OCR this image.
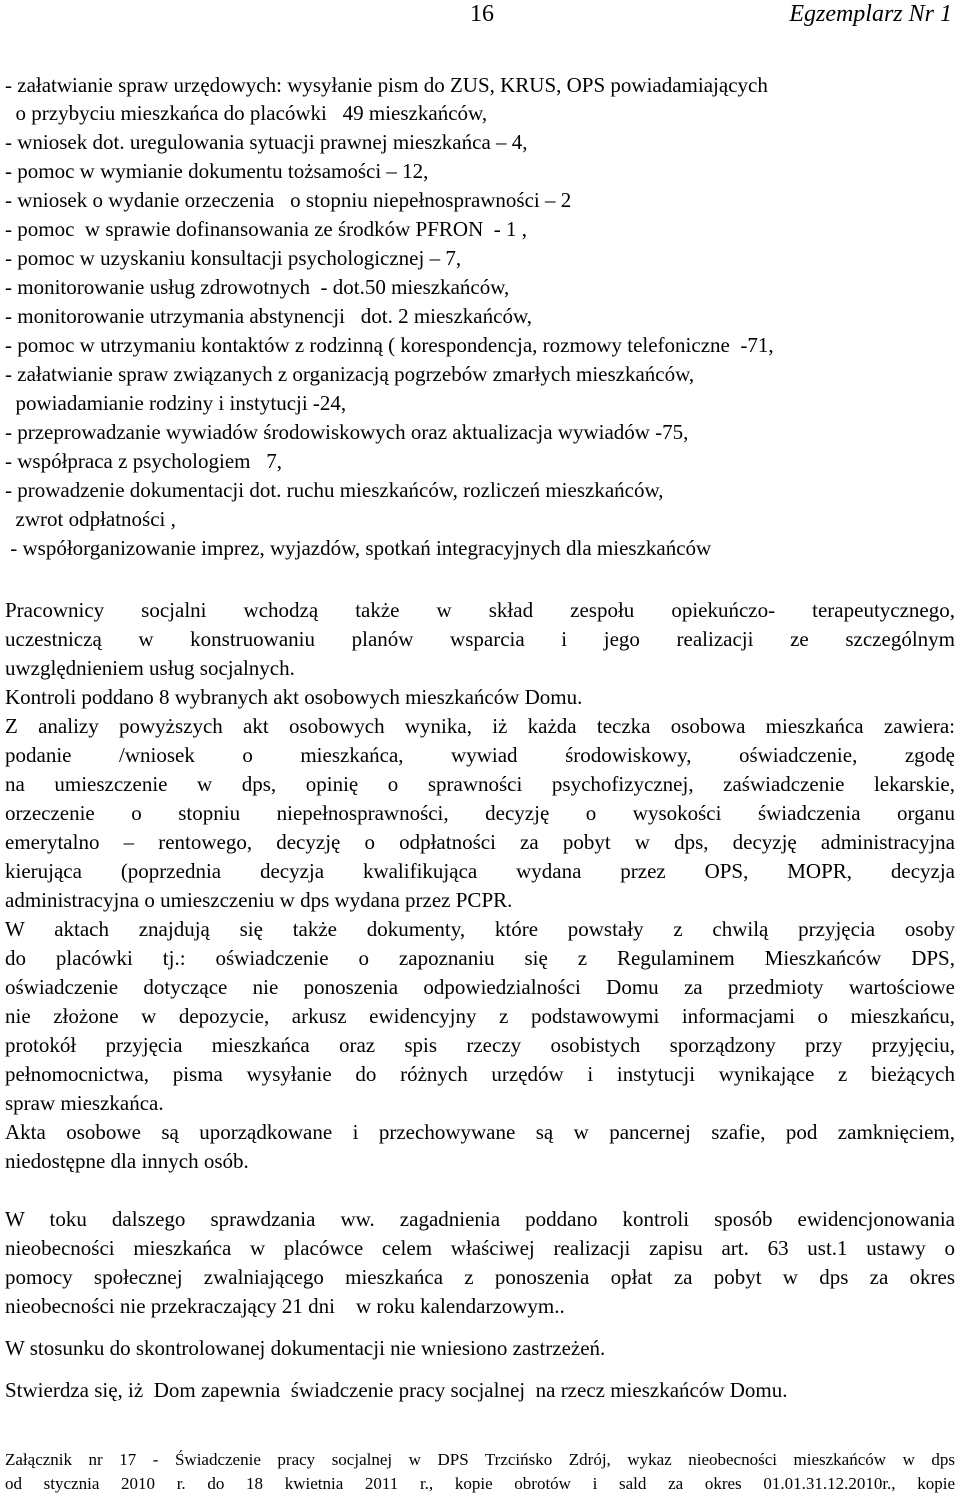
16	Egzemplarz Nr 1
- załatwianie spraw urzędowych: wysyłanie pism do ZUS, KRUS, OPS powiadamiających
o przybyciu mieszkańca do placówki   49 mieszkańców,
- wniosek dot. uregulowania sytuacji prawnej mieszkańca – 4,
- pomoc w wymianie dokumentu tożsamości – 12,
- wniosek o wydanie orzeczenia   o stopniu niepełnosprawności – 2
- pomoc  w sprawie dofinansowania ze środków PFRON  - 1 ,
- pomoc w uzyskaniu konsultacji psychologicznej – 7,
- monitorowanie usług zdrowotnych  - dot.50 mieszkańców,
- monitorowanie utrzymania abstynencji   dot. 2 mieszkańców,
- pomoc w utrzymaniu kontaktów z rodzinną ( korespondencja, rozmowy telefoniczne  -71,
- załatwianie spraw związanych z organizacją pogrzebów zmarłych mieszkańców,
powiadamianie rodziny i instytucji -24,
- przeprowadzanie wywiadów środowiskowych oraz aktualizacja wywiadów -75,
- współpraca z psychologiem   7,
- prowadzenie dokumentacji dot. ruchu mieszkańców, rozliczeń mieszkańców,
zwrot odpłatności ,
- współorganizowanie imprez, wyjazdów, spotkań integracyjnych dla mieszkańców
Pracownicy socjalni wchodzą także w skład zespołu opiekuńczo- terapeutycznego,
uczestniczą w konstruowaniu planów wsparcia i jego realizacji ze szczególnym
uwzględnieniem usług socjalnych.
Kontroli poddano 8 wybranych akt osobowych mieszkańców Domu.
Z analizy powyższych akt osobowych wynika, iż każda teczka osobowa mieszkańca zawiera:
podanie /wniosek o mieszkańca, wywiad środowiskowy, oświadczenie, zgodę
na umieszczenie w dps, opinię o sprawności psychofizycznej, zaświadczenie lekarskie,
orzeczenie o stopniu niepełnosprawności, decyzję o wysokości świadczenia organu
emerytalno – rentowego, decyzję o odpłatności za pobyt w dps, decyzję administracyjna
kierująca (poprzednia decyzja kwalifikująca wydana przez OPS, MOPR, decyzja
administracyjna o umieszczeniu w dps wydana przez PCPR.
W aktach znajdują się także dokumenty, które powstały z chwilą przyjęcia osoby
do placówki tj.: oświadczenie o zapoznaniu się z Regulaminem Mieszkańców DPS,
oświadczenie dotyczące nie ponoszenia odpowiedzialności Domu za przedmioty wartościowe
nie złożone w depozycie, arkusz ewidencyjny z podstawowymi informacjami o mieszkańcu,
protokół przyjęcia mieszkańca oraz spis rzeczy osobistych sporządzony przy przyjęciu,
pełnomocnictwa, pisma wysyłanie do różnych urzędów i instytucji wynikające z bieżących
spraw mieszkańca.
Akta osobowe są uporządkowane i przechowywane są w pancernej szafie, pod zamknięciem,
niedostępne dla innych osób.
W toku dalszego sprawdzania ww. zagadnienia poddano kontroli sposób ewidencjonowania
nieobecności mieszkańca w placówce celem właściwej realizacji zapisu art. 63 ust.1 ustawy o
pomocy społecznej zwalniającego mieszkańca z ponoszenia opłat za pobyt w dps za okres
nieobecności nie przekraczający 21 dni    w roku kalendarzowym..
W stosunku do skontrolowanej dokumentacji nie wniesiono zastrzeżeń.
Stwierdza się, iż  Dom zapewnia  świadczenie pracy socjalnej  na rzecz mieszkańców Domu.
Załącznik nr 17 - Świadczenie pracy socjalnej w DPS Trzcińsko Zdrój, wykaz nieobecności mieszkańców w dps
od stycznia 2010 r. do 18 kwietnia 2011 r., kopie obrotów i sald za okres 01.01.31.12.2010r., kopie
